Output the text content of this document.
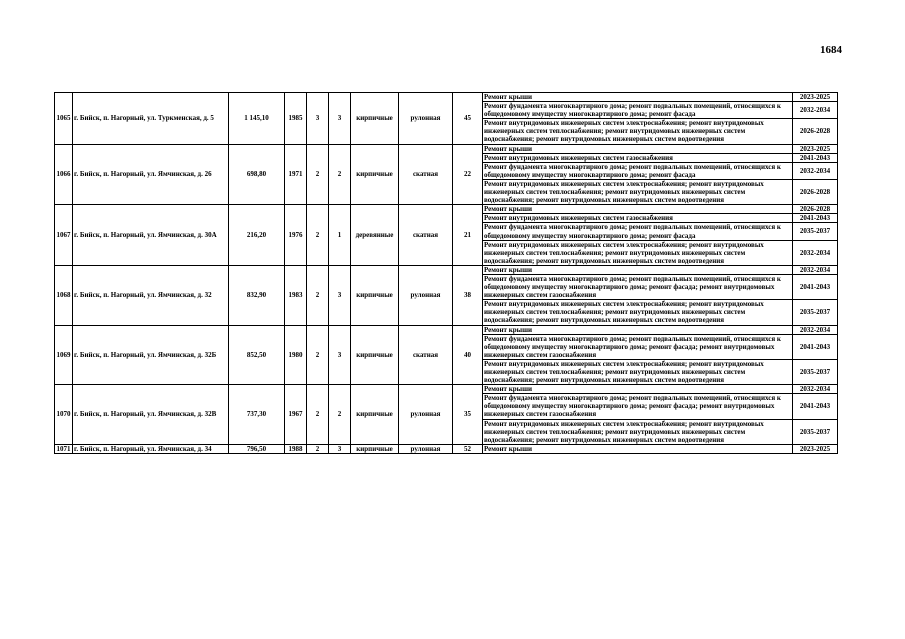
1684
1065	г. Бийск, п. Нагорный, ул. Туркменская, д. 5	1 145,10	1985	3	3	кирпичные	рулонная	45	Ремонт крыши	2023-2025
									Ремонт фундамента многоквартирного дома; ремонт подвальных помещений, относящихся к общедомовому имуществу многоквартирного дома; ремонт фасада	2032-2034
									Ремонт внутридомовых инженерных систем электроснабжения; ремонт внутридомовых инженерных систем теплоснабжения; ремонт внутридомовых инженерных систем водоснабжения; ремонт внутридомовых инженерных систем водоотведения	2026-2028
1066	г. Бийск, п. Нагорный, ул. Ямчинская, д. 26	698,80	1971	2	2	кирпичные	скатная	22	Ремонт крыши	2023-2025
									Ремонт внутридомовых инженерных систем газоснабжения	2041-2043
									Ремонт фундамента многоквартирного дома; ремонт подвальных помещений, относящихся к общедомовому имуществу многоквартирного дома; ремонт фасада	2032-2034
									Ремонт внутридомовых инженерных систем электроснабжения; ремонт внутридомовых инженерных систем теплоснабжения; ремонт внутридомовых инженерных систем водоснабжения; ремонт внутридомовых инженерных систем водоотведения	2026-2028
1067	г. Бийск, п. Нагорный, ул. Ямчинская, д. 30А	216,20	1976	2	1	деревянные	скатная	21	Ремонт крыши	2026-2028
									Ремонт внутридомовых инженерных систем газоснабжения	2041-2043
									Ремонт фундамента многоквартирного дома; ремонт подвальных помещений, относящихся к общедомовому имуществу многоквартирного дома; ремонт фасада	2035-2037
									Ремонт внутридомовых инженерных систем электроснабжения; ремонт внутридомовых инженерных систем теплоснабжения; ремонт внутридомовых инженерных систем водоснабжения; ремонт внутридомовых инженерных систем водоотведения	2032-2034
1068	г. Бийск, п. Нагорный, ул. Ямчинская, д. 32	832,90	1983	2	3	кирпичные	рулонная	38	Ремонт крыши	2032-2034
									Ремонт фундамента многоквартирного дома; ремонт подвальных помещений, относящихся к общедомовому имуществу многоквартирного дома; ремонт фасада; ремонт внутридомовых инженерных систем газоснабжения	2041-2043
									Ремонт внутридомовых инженерных систем электроснабжения; ремонт внутридомовых инженерных систем теплоснабжения; ремонт внутридомовых инженерных систем водоснабжения; ремонт внутридомовых инженерных систем водоотведения	2035-2037
1069	г. Бийск, п. Нагорный, ул. Ямчинская, д. 32Б	852,50	1980	2	3	кирпичные	скатная	40	Ремонт крыши	2032-2034
									Ремонт фундамента многоквартирного дома; ремонт подвальных помещений, относящихся к общедомовому имуществу многоквартирного дома; ремонт фасада; ремонт внутридомовых инженерных систем газоснабжения	2041-2043
									Ремонт внутридомовых инженерных систем электроснабжения; ремонт внутридомовых инженерных систем теплоснабжения; ремонт внутридомовых инженерных систем водоснабжения; ремонт внутридомовых инженерных систем водоотведения	2035-2037
1070	г. Бийск, п. Нагорный, ул. Ямчинская, д. 32В	737,30	1967	2	2	кирпичные	рулонная	35	Ремонт крыши	2032-2034
									Ремонт фундамента многоквартирного дома; ремонт подвальных помещений, относящихся к общедомовому имуществу многоквартирного дома; ремонт фасада; ремонт внутридомовых инженерных систем газоснабжения	2041-2043
									Ремонт внутридомовых инженерных систем электроснабжения; ремонт внутридомовых инженерных систем теплоснабжения; ремонт внутридомовых инженерных систем водоснабжения; ремонт внутридомовых инженерных систем водоотведения	2035-2037
1071	г. Бийск, п. Нагорный, ул. Ямчинская, д. 34	796,50	1988	2	3	кирпичные	рулонная	52	Ремонт крыши	2023-2025
